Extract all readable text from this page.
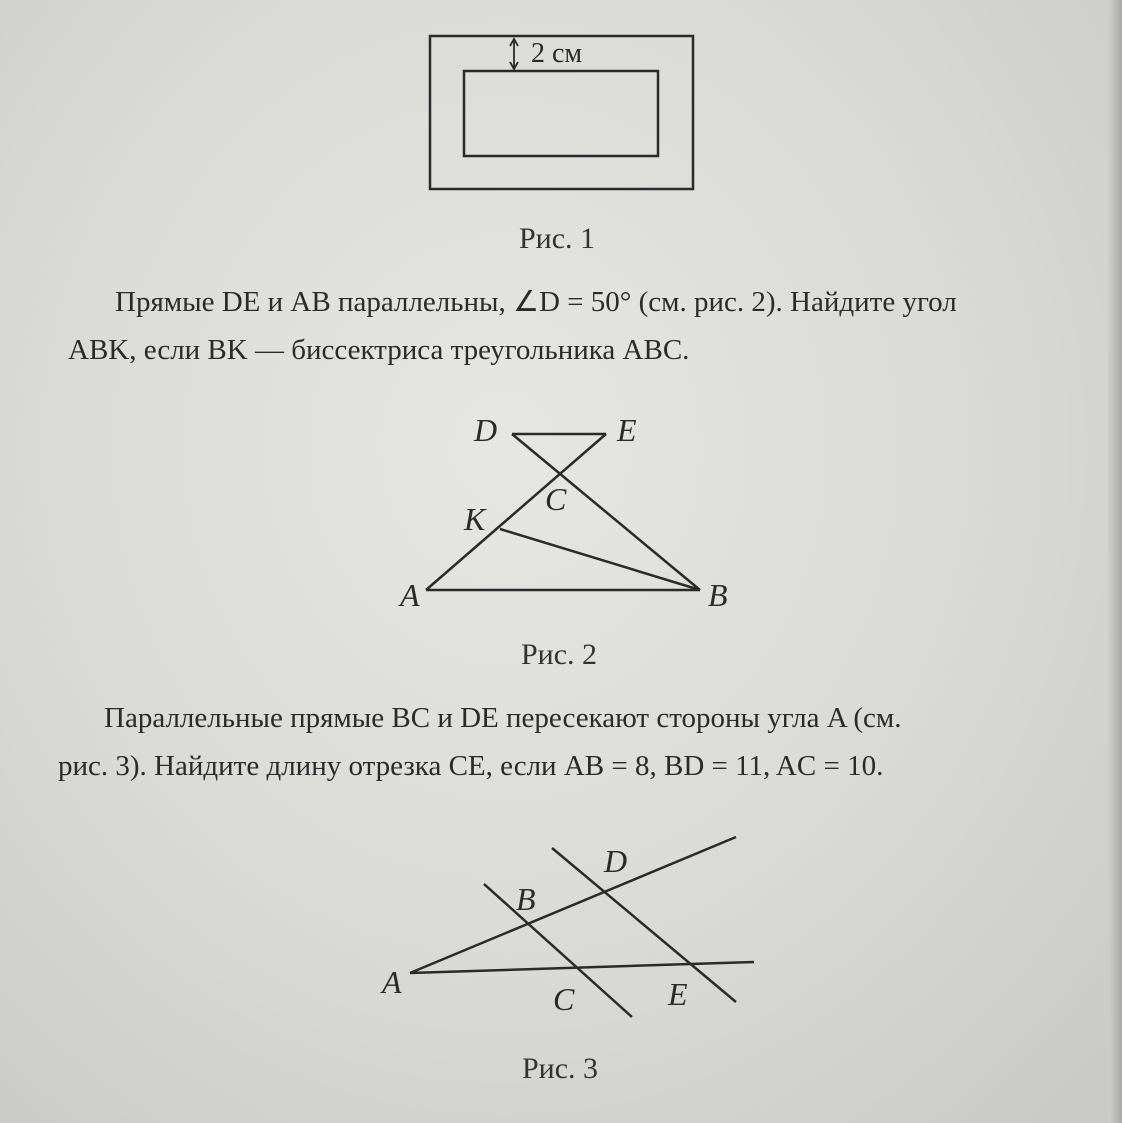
2 см
Рис. 1

Прямые DE и AB параллельны, ∠D = 50° (см. рис. 2). Найдите угол

ABK, если BK — биссектриса треугольника ABC.

D	E
C
K
A	B
Рис. 2

Параллельные прямые BC и DE пересекают стороны угла A (см.

рис. 3). Найдите длину отрезка CE, если AB = 8, BD = 11, AC = 10.

A
B
C
D
E
Рис. 3
